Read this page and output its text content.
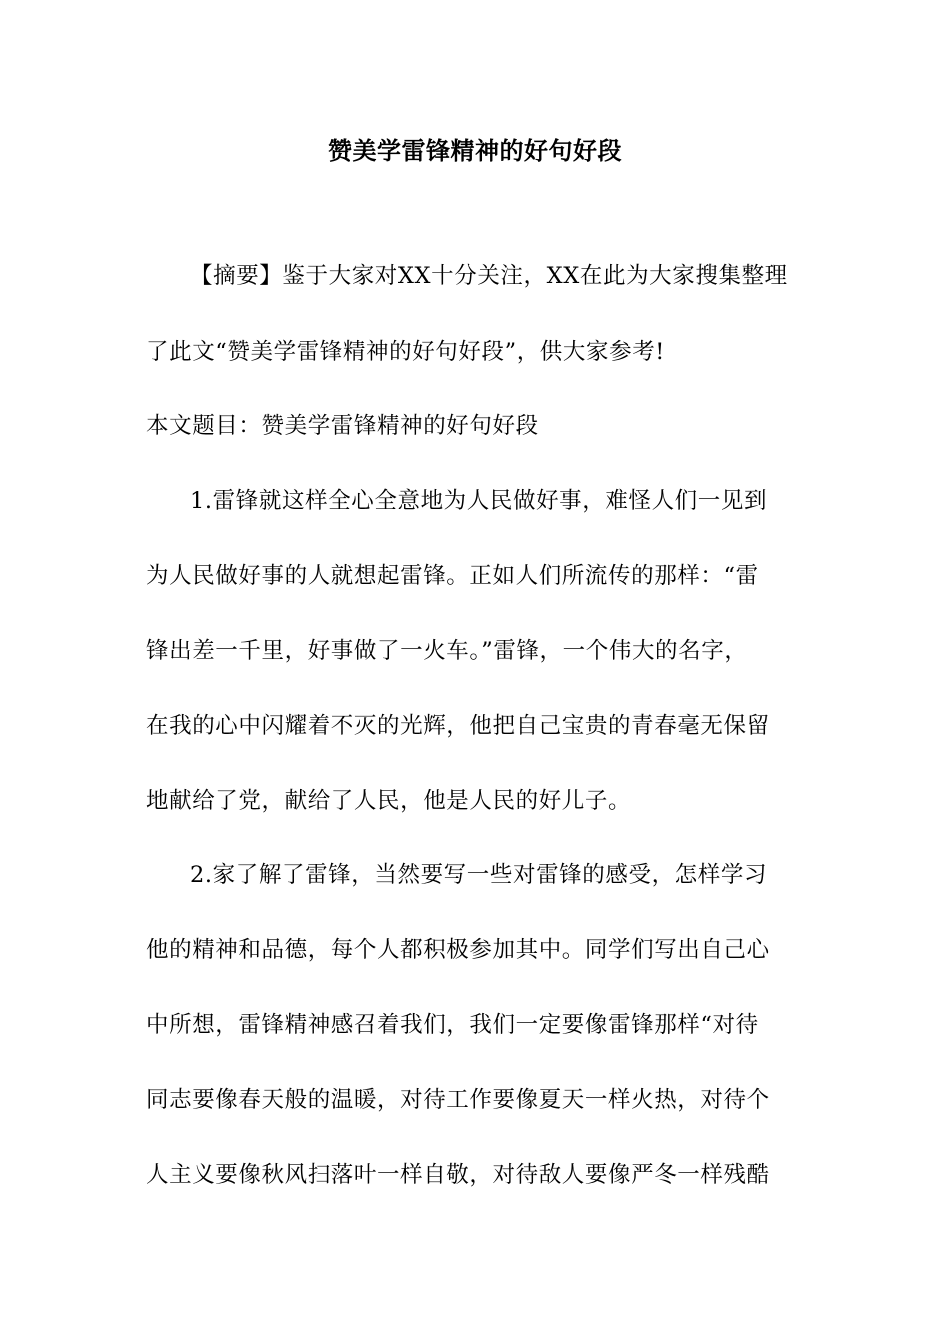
赞美学雷锋精神的好句好段
【摘要】鉴于大家对XX十分关注，XX在此为大家搜集整理
了此文“赞美学雷锋精神的好句好段”，供大家参考!
本文题目：赞美学雷锋精神的好句好段
1.雷锋就这样全心全意地为人民做好事，难怪人们一见到
为人民做好事的人就想起雷锋。正如人们所流传的那样：“雷
锋出差一千里，好事做了一火车。”雷锋，一个伟大的名字，
在我的心中闪耀着不灭的光辉，他把自己宝贵的青春毫无保留
地献给了党，献给了人民，他是人民的好儿子。
2.家了解了雷锋，当然要写一些对雷锋的感受，怎样学习
他的精神和品德，每个人都积极参加其中。同学们写出自己心
中所想，雷锋精神感召着我们，我们一定要像雷锋那样“对待
同志要像春天般的温暖，对待工作要像夏天一样火热，对待个
人主义要像秋风扫落叶一样自敬，对待敌人要像严冬一样残酷
